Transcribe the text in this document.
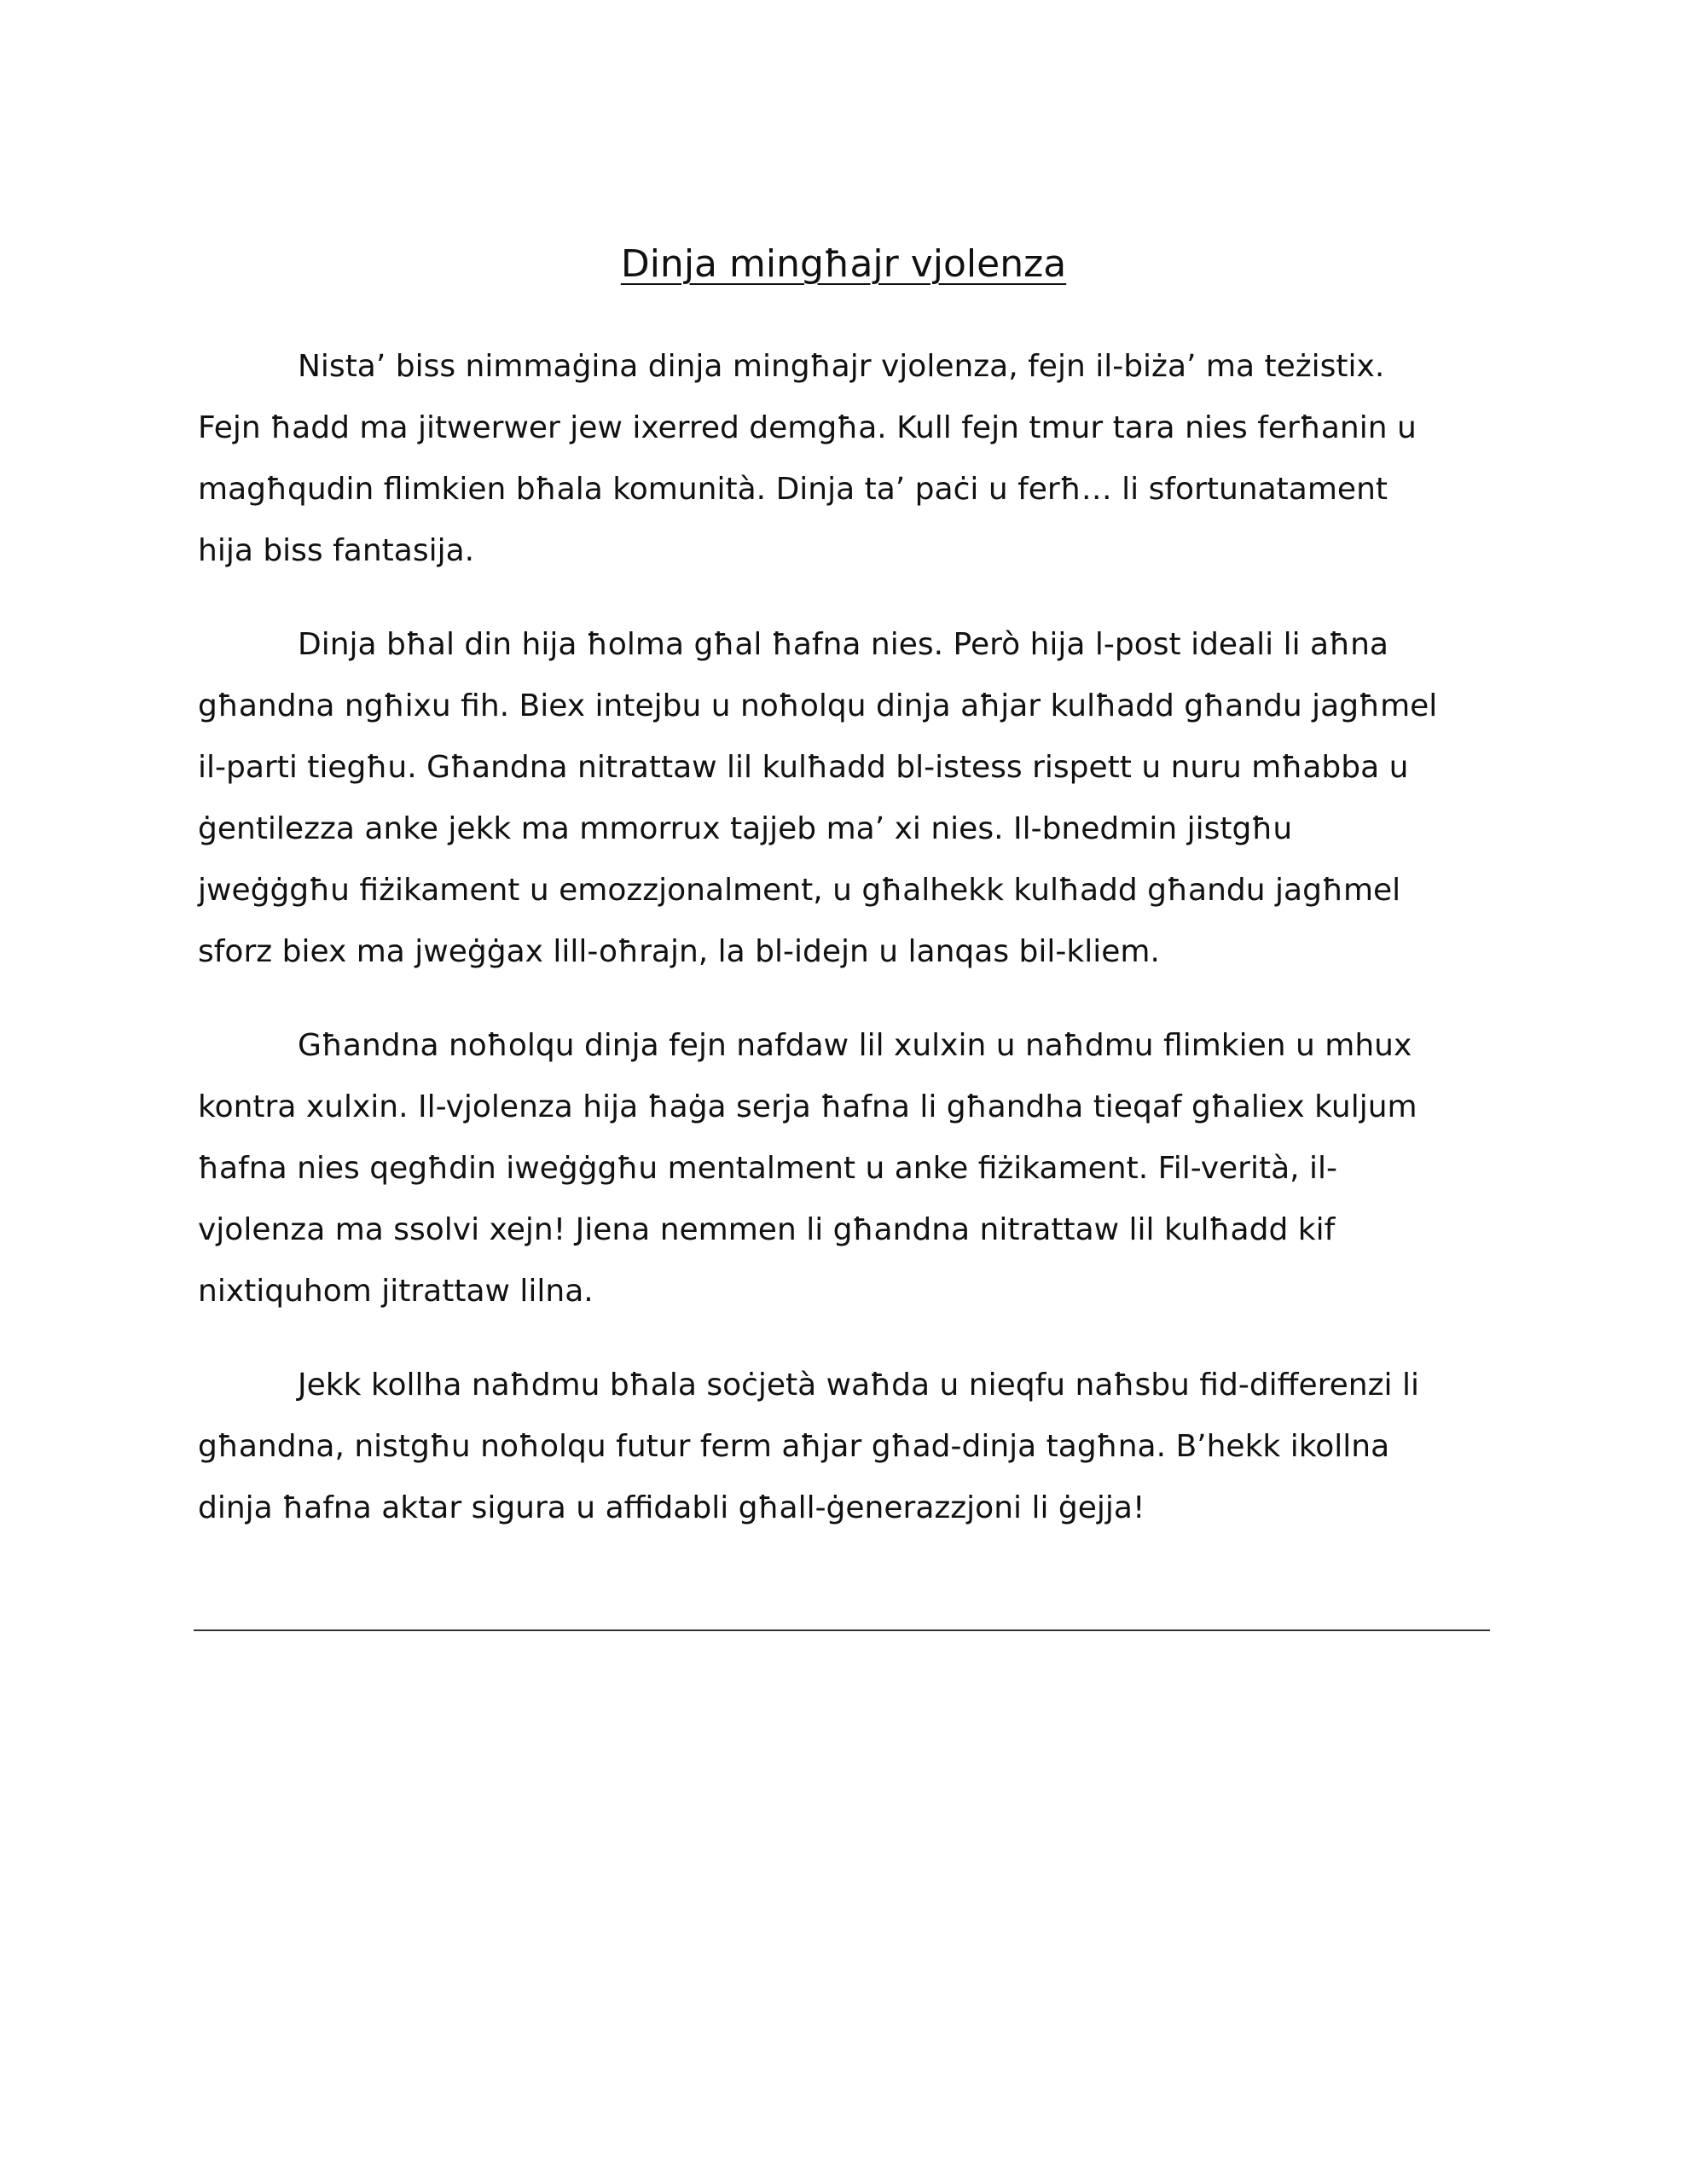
Dinja mingħajr vjolenza

Nista’ biss nimmaġina dinja mingħajr vjolenza, fejn il-biża’ ma teżistix. Fejn ħadd ma jitwerwer jew ixerred demgħa. Kull fejn tmur tara nies ferħanin u magħqudin flimkien bħala komunità. Dinja ta’ paċi u ferħ… li sfortunatament hija biss fantasija.

Dinja bħal din hija ħolma għal ħafna nies. Però hija l-post ideali li aħna għandna ngħixu fih. Biex intejbu u noħolqu dinja aħjar kulħadd għandu jagħmel il-parti tiegħu. Għandna nitrattaw lil kulħadd bl-istess rispett u nuru mħabba u ġentilezza anke jekk ma mmorrux tajjeb ma’ xi nies. Il-bnedmin jistgħu jweġġgħu fiżikament u emozzjonalment, u għalhekk kulħadd għandu jagħmel sforz biex ma jweġġax lill-oħrajn, la bl-idejn u lanqas bil-kliem.

Għandna noħolqu dinja fejn nafdaw lil xulxin u naħdmu flimkien u mhux kontra xulxin. Il-vjolenza hija ħaġa serja ħafna li għandha tieqaf għaliex kuljum ħafna nies qegħdin iweġġgħu mentalment u anke fiżikament. Fil-verità, il-vjolenza ma ssolvi xejn! Jiena nemmen li għandna nitrattaw lil kulħadd kif nixtiquhom jitrattaw lilna.

Jekk kollha naħdmu bħala soċjetà waħda u nieqfu naħsbu fid-differenzi li għandna, nistgħu noħolqu futur ferm aħjar għad-dinja tagħna. B’hekk ikollna dinja ħafna aktar sigura u affidabli għall-ġenerazzjoni li ġejja!
